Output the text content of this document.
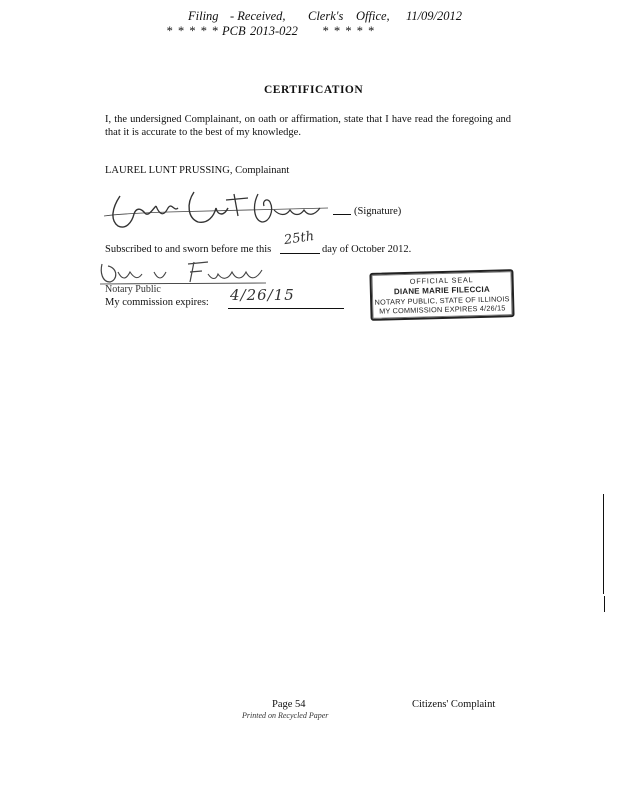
Filing - Received, Clerk's Office, 11/09/2012
* * * * * PCB 2013-022 * * * * *
CERTIFICATION
I, the undersigned Complainant, on oath or affirmation, state that I have read the foregoing and that it is accurate to the best of my knowledge.
LAUREL LUNT PRUSSING, Complainant
Laurel Lunt Prussing
(Signature)
Subscribed to and sworn before me this
25th
day of October 2012.
Diane M. Filecia
Notary Public
My commission expires: 4/26/15
OFFICIAL SEAL
DIANE MARIE FILECCIA
NOTARY PUBLIC, STATE OF ILLINOIS
MY COMMISSION EXPIRES 4/26/15
Page 54
Printed on Recycled Paper
Citizens' Complaint
